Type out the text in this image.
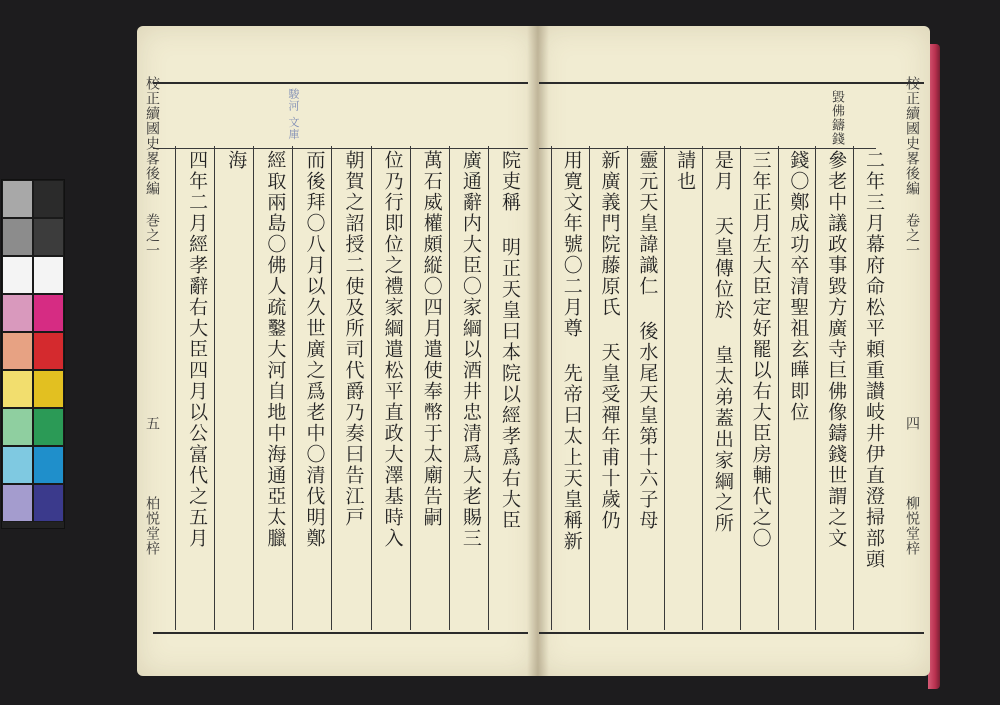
校正續國史畧後編 巻之一
五
柏悦堂梓
駿河 文庫	毀佛鑄錢	校正續國史畧後編 卷之一
四
柳悦堂梓
院吏稱 明正天皇曰本院以經孝爲右大臣
廣通辭内大臣〇家綱以酒井忠清爲大老賜三
萬石威權頗縦〇四月遣使奉幣于太廟告嗣
位乃行即位之禮家綱遣松平直政大澤基時入
朝賀之詔授二使及所司代爵乃奏曰告江戸
而後拜〇八月以久世廣之爲老中〇清伐明鄭
經取兩島〇佛人疏鑿大河自地中海通亞太臘
海
四年二月經孝辭右大臣四月以公富代之五月	二年三月幕府命松平頼重讃岐井伊直澄掃部頭
參老中議政事毀方廣寺巨佛像鑄錢世謂之文
錢〇鄭成功卒清聖祖玄曄即位
三年正月左大臣定好罷以右大臣房輔代之〇
是月 天皇傳位於 皇太弟蓋出家綱之所
請也
靈元天皇諱識仁 後水尾天皇第十六子母
新廣義門院藤原氏 天皇受禪年甫十歲仍
用寛文年號〇二月尊 先帝曰太上天皇稱新
